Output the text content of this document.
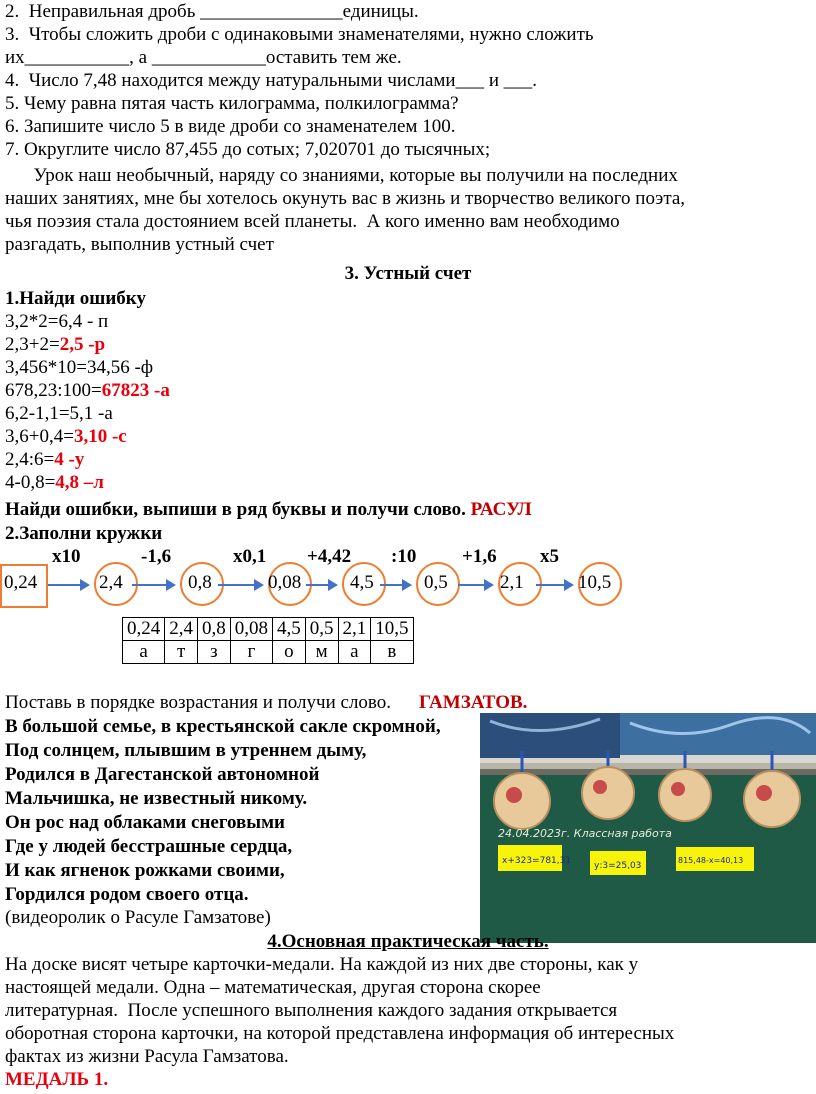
2.  Неправильная дробь _______________единицы.
3.  Чтобы сложить дроби с одинаковыми знаменателями, нужно сложить
их___________, а ____________оставить тем же.
4.  Число 7,48 находится между натуральными числами___ и ___.
5. Чему равна пятая часть килограмма, полкилограмма?
6. Запишите число 5 в виде дроби со знаменателем 100.
7. Округлите число 87,455 до сотых; 7,020701 до тысячных;
Урок наш необычный, наряду со знаниями, которые вы получили на последних
наших занятиях, мне бы хотелось окунуть вас в жизнь и творчество великого поэта,
чья поэзия стала достоянием всей планеты.  А кого именно вам необходимо
разгадать, выполнив устный счет
3. Устный счет
1.Найди ошибку
3,2*2=6,4 - п
2,3+2=2,5 -р
3,456*10=34,56 -ф
678,23:100=67823 -а
6,2-1,1=5,1 -а
3,6+0,4=3,10 -с
2,4:6=4 -у
4-0,8=4,8 –л
Найди ошибки, выпиши в ряд буквы и получи слово. РАСУЛ
2.Заполни кружки
x10	-1,6	x0,1 +4,42 :10 +1,6 x5
0,24	2,4	0,8	0,08	4,5	0,5	2,1	10,5
0,24	2,4	0,8	0,08	4,5	0,5	2,1	10,5
а	т	з	г	о	м	а	в
Поставь в порядке возрастания и получи слово. ГАМЗАТОВ.
В большой семье, в крестьянской сакле скромной,
Под солнцем, плывшим в утреннем дыму,
Родился в Дагестанской автономной
Мальчишка, не известный никому.
Он рос над облаками снеговыми
Где у людей бесстрашные сердца,
И как ягненок рожками своими,
Гордился родом своего отца.
(видеоролик о Расуле Гамзатове)
24.04.2023г. Классная работа
х+323=781,31	у:3=25,03
815,48-х=40,13
4.Основная практическая часть.
На доске висят четыре карточки-медали. На каждой из них две стороны, как у
настоящей медали. Одна – математическая, другая сторона скорее
литературная.  После успешного выполнения каждого задания открывается
оборотная сторона карточки, на которой представлена информация об интересных
фактах из жизни Расула Гамзатова.
МЕДАЛЬ 1.
